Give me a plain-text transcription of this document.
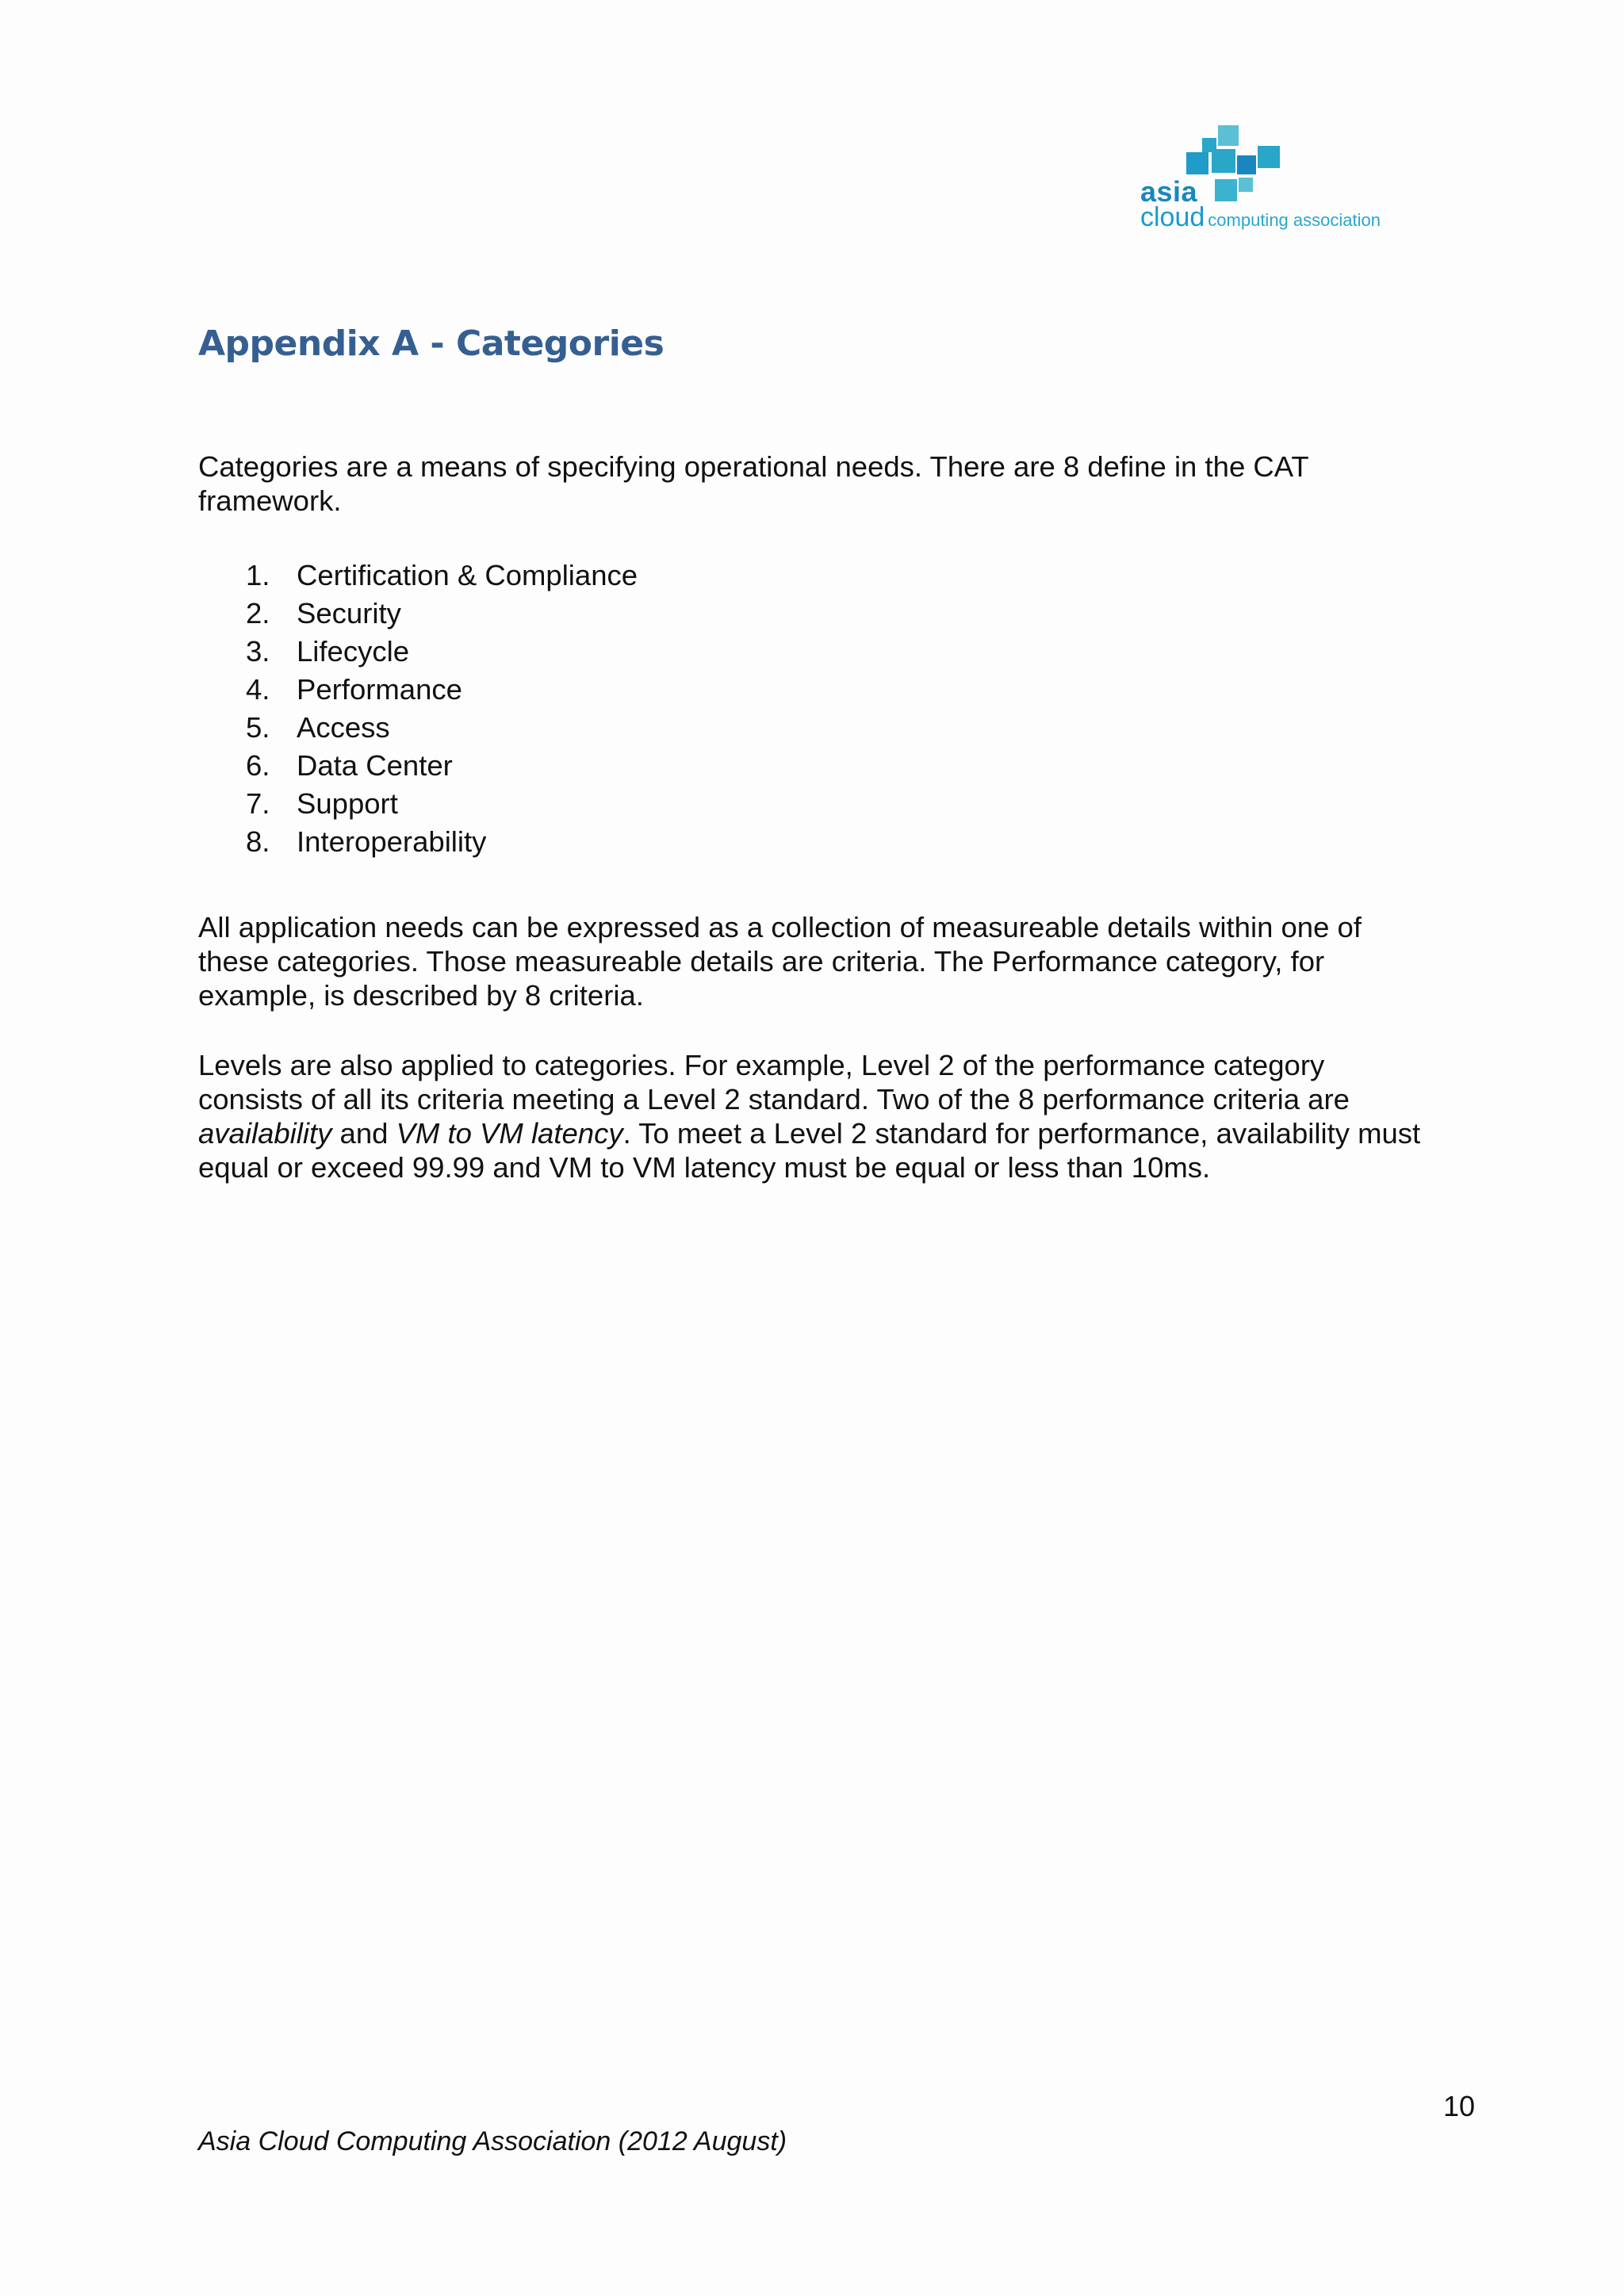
asia
cloud computing association
Appendix A - Categories
Categories are a means of specifying operational needs. There are 8 define in the CAT framework.
1. Certification & Compliance
2. Security
3. Lifecycle
4. Performance
5. Access
6. Data Center
7. Support
8. Interoperability
All application needs can be expressed as a collection of measureable details within one of these categories. Those measureable details are criteria. The Performance category, for example, is described by 8 criteria.
Levels are also applied to categories. For example, Level 2 of the performance category consists of all its criteria meeting a Level 2 standard. Two of the 8 performance criteria are availability and VM to VM latency. To meet a Level 2 standard for performance, availability must equal or exceed 99.99 and VM to VM latency must be equal or less than 10ms.
10
Asia Cloud Computing Association (2012 August)
